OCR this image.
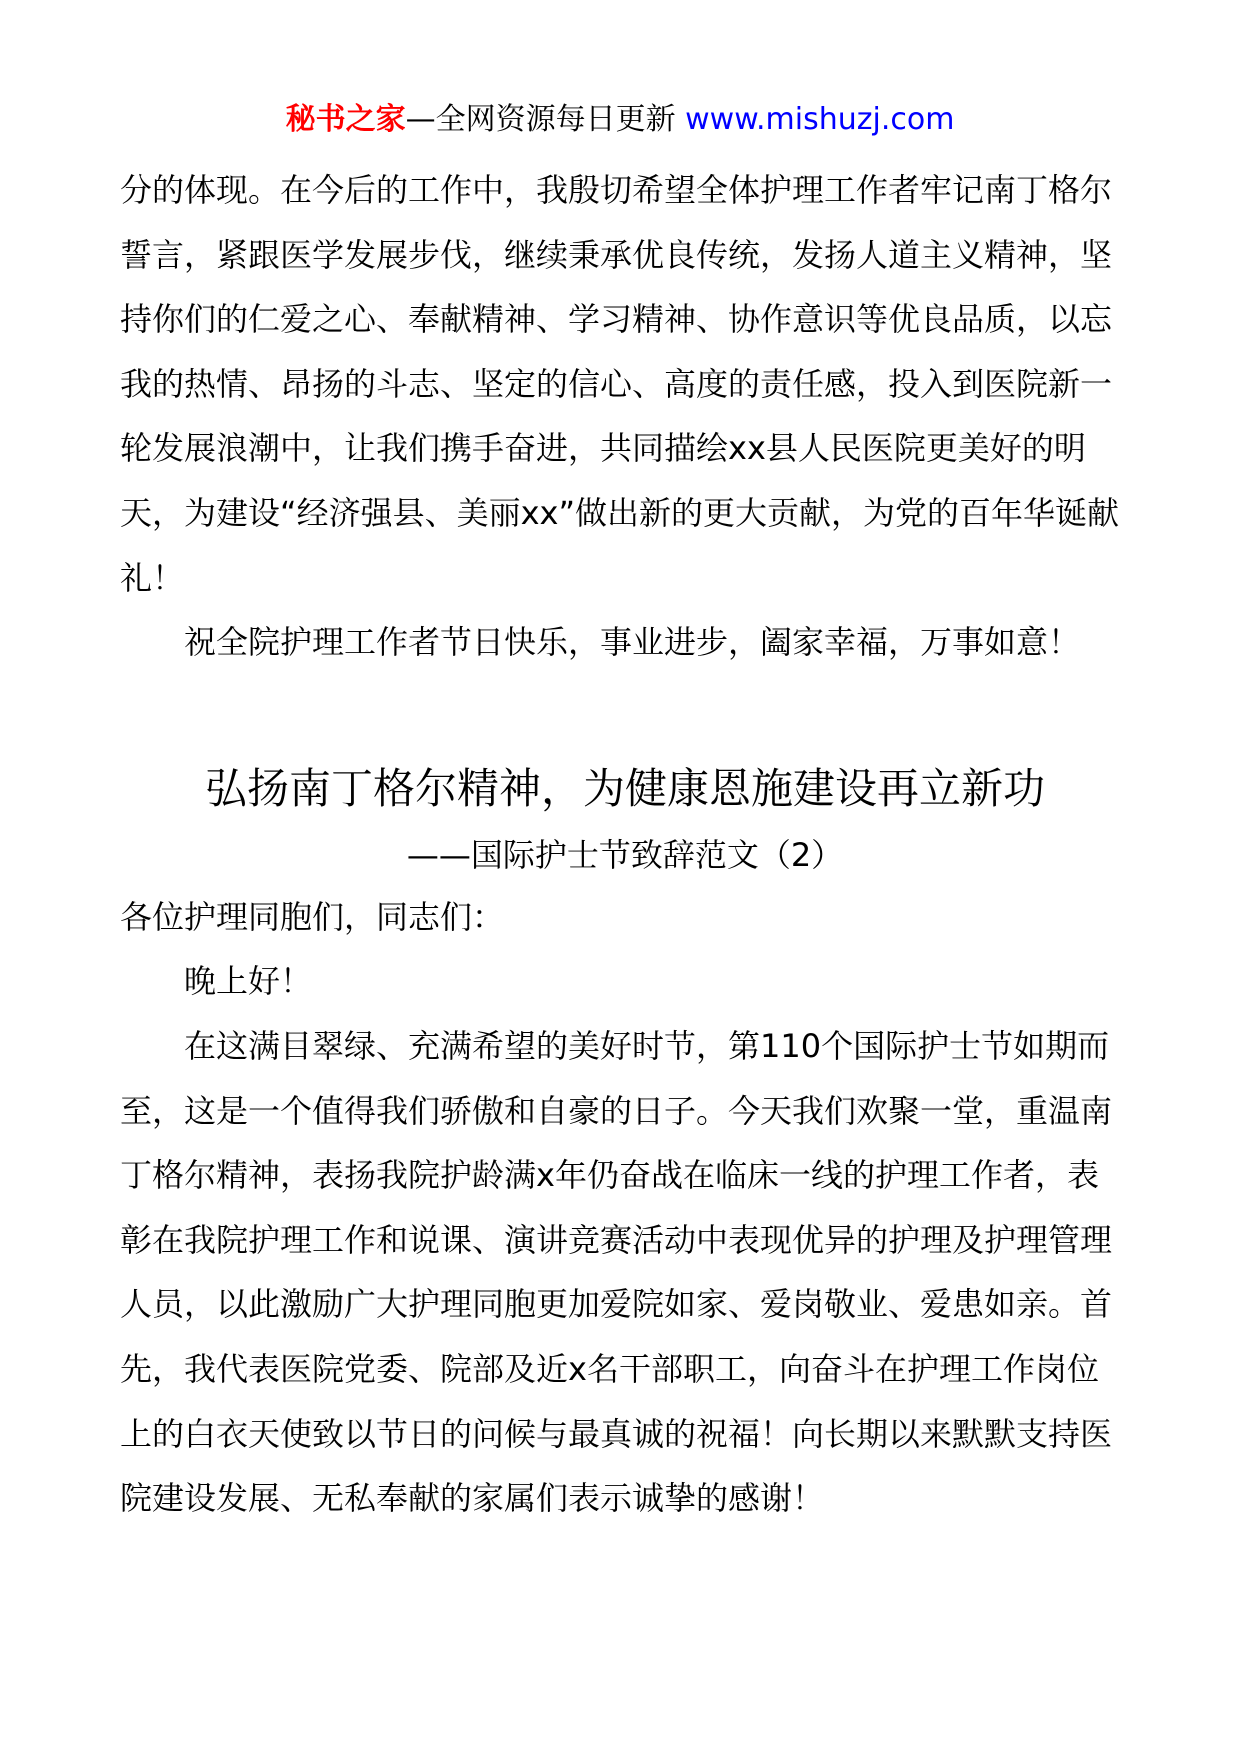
秘书之家—全网资源每日更新 www.mishuzj.com

分的体现。在今后的工作中，我殷切希望全体护理工作者牢记南丁格尔誓言，紧跟医学发展步伐，继续秉承优良传统，发扬人道主义精神，坚持你们的仁爱之心、奉献精神、学习精神、协作意识等优良品质，以忘我的热情、昂扬的斗志、坚定的信心、高度的责任感，投入到医院新一轮发展浪潮中，让我们携手奋进，共同描绘xx县人民医院更美好的明天，为建设“经济强县、美丽xx”做出新的更大贡献，为党的百年华诞献礼！

祝全院护理工作者节日快乐，事业进步，阖家幸福，万事如意！

弘扬南丁格尔精神，为健康恩施建设再立新功

——国际护士节致辞范文（2）

各位护理同胞们，同志们：

晚上好！

在这满目翠绿、充满希望的美好时节，第110个国际护士节如期而至，这是一个值得我们骄傲和自豪的日子。今天我们欢聚一堂，重温南丁格尔精神，表扬我院护龄满x年仍奋战在临床一线的护理工作者，表彰在我院护理工作和说课、演讲竞赛活动中表现优异的护理及护理管理人员，以此激励广大护理同胞更加爱院如家、爱岗敬业、爱患如亲。首先，我代表医院党委、院部及近x名干部职工，向奋斗在护理工作岗位上的白衣天使致以节日的问候与最真诚的祝福！向长期以来默默支持医院建设发展、无私奉献的家属们表示诚挚的感谢！
